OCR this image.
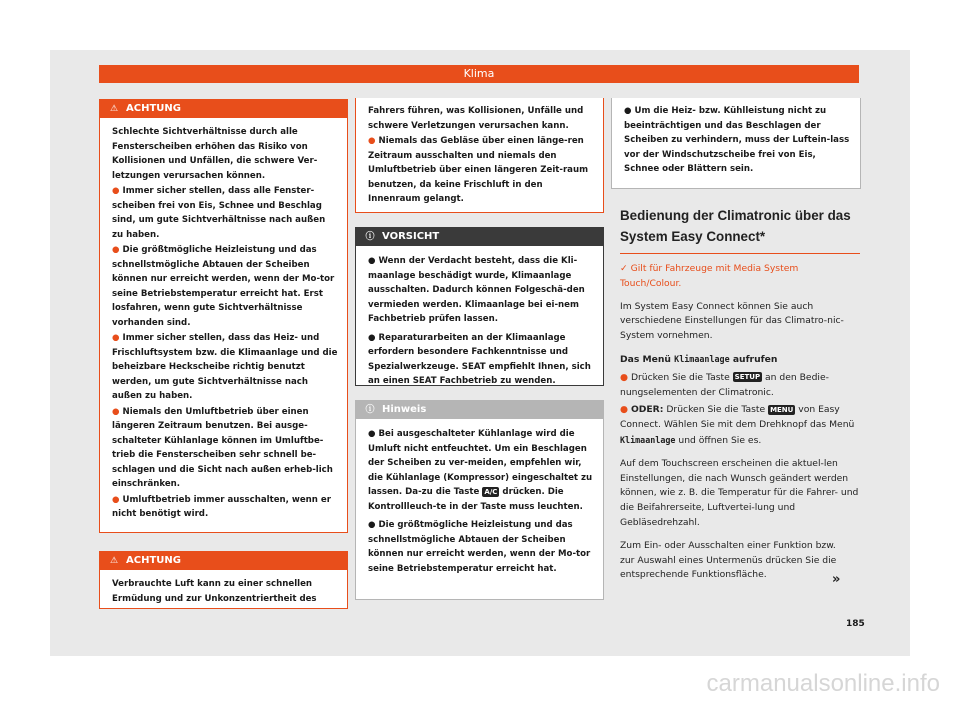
Klima
⚠ ACHTUNG

Schlechte Sichtverhältnisse durch alle Fensterscheiben erhöhen das Risiko von Kollisionen und Unfällen, die schwere Ver-letzungen verursachen können.

● Immer sicher stellen, dass alle Fenster-scheiben frei von Eis, Schnee und Beschlag sind, um gute Sichtverhältnisse nach außen zu haben.

● Die größtmögliche Heizleistung und das schnellstmögliche Abtauen der Scheiben können nur erreicht werden, wenn der Mo-tor seine Betriebstemperatur erreicht hat. Erst losfahren, wenn gute Sichtverhältnisse vorhanden sind.

● Immer sicher stellen, dass das Heiz- und Frischluftsystem bzw. die Klimaanlage und die beheizbare Heckscheibe richtig benutzt werden, um gute Sichtverhältnisse nach außen zu haben.

● Niemals den Umluftbetrieb über einen längeren Zeitraum benutzen. Bei ausge-schalteter Kühlanlage können im Umluftbe-trieb die Fensterscheiben sehr schnell be-schlagen und die Sicht nach außen erheb-lich einschränken.

● Umluftbetrieb immer ausschalten, wenn er nicht benötigt wird.

⚠ ACHTUNG

Verbrauchte Luft kann zu einer schnellen Ermüdung und zur Unkonzentriertheit des

Fahrers führen, was Kollisionen, Unfälle und schwere Verletzungen verursachen kann.

● Niemals das Gebläse über einen länge-ren Zeitraum ausschalten und niemals den Umluftbetrieb über einen längeren Zeit-raum benutzen, da keine Frischluft in den Innenraum gelangt.

ⓘ VORSICHT

● Wenn der Verdacht besteht, dass die Kli-maanlage beschädigt wurde, Klimaanlage ausschalten. Dadurch können Folgeschä-den vermieden werden. Klimaanlage bei ei-nem Fachbetrieb prüfen lassen.

● Reparaturarbeiten an der Klimaanlage erfordern besondere Fachkenntnisse und Spezialwerkzeuge. SEAT empfiehlt Ihnen, sich an einen SEAT Fachbetrieb zu wenden.

ⓘ Hinweis

● Bei ausgeschalteter Kühlanlage wird die Umluft nicht entfeuchtet. Um ein Beschlagen der Scheiben zu ver-meiden, empfehlen wir, die Kühlanlage (Kompressor) eingeschaltet zu lassen. Da-zu die Taste A/C drücken. Die Kontrollleuch-te in der Taste muss leuchten.

● Die größtmögliche Heizleistung und das schnellstmögliche Abtauen der Scheiben können nur erreicht werden, wenn der Mo-tor seine Betriebstemperatur erreicht hat.

● Um die Heiz- bzw. Kühlleistung nicht zu beeinträchtigen und das Beschlagen der Scheiben zu verhindern, muss der Luftein-lass vor der Windschutzscheibe frei von Eis, Schnee oder Blättern sein.

Bedienung der Climatronic über das System Easy Connect*

✓ Gilt für Fahrzeuge mit Media System Touch/Colour.

Im System Easy Connect können Sie auch verschiedene Einstellungen für das Climatro-nic-System vornehmen.

Das Menü Klimaanlage aufrufen

● Drücken Sie die Taste SETUP an den Bedie-nungselementen der Climatronic.

● ODER: Drücken Sie die Taste MENU von Easy Connect. Wählen Sie mit dem Drehknopf das Menü Klimaanlage und öffnen Sie es.

Auf dem Touchscreen erscheinen die aktuel-len Einstellungen, die nach Wunsch geändert werden können, wie z. B. die Temperatur für die Fahrer- und die Beifahrerseite, Luftvertei-lung und Gebläsedrehzahl.

Zum Ein- oder Ausschalten einer Funktion bzw. zur Auswahl eines Untermenüs drücken Sie die entsprechende Funktionsfläche.	»
185
carmanualsonline.info
